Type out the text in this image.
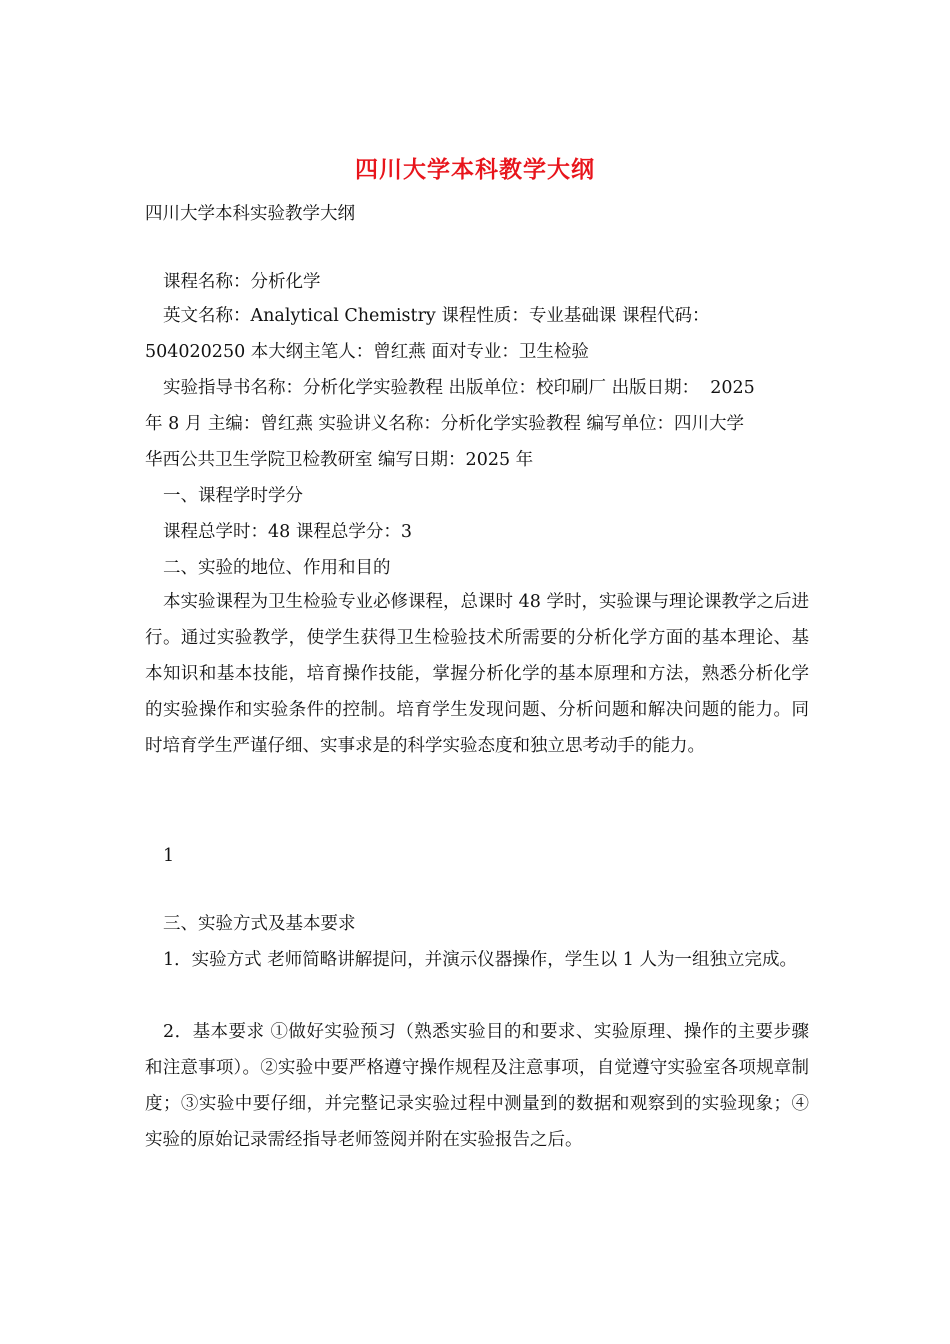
四川大学本科教学大纲
四川大学本科实验教学大纲
课程名称：分析化学
英文名称：Analytical Chemistry 课程性质：专业基础课 课程代码：
504020250 本大纲主笔人：曾红燕 面对专业：卫生检验
实验指导书名称：分析化学实验教程 出版单位：校印刷厂 出版日期：  2025
年 8 月 主编：曾红燕 实验讲义名称：分析化学实验教程 编写单位：四川大学
华西公共卫生学院卫检教研室 编写日期：2025 年
一、课程学时学分
课程总学时：48 课程总学分：3
二、实验的地位、作用和目的
本实验课程为卫生检验专业必修课程，总课时 48 学时，实验课与理论课教学之后进行。通过实验教学，使学生获得卫生检验技术所需要的分析化学方面的基本理论、基本知识和基本技能，培育操作技能，掌握分析化学的基本原理和方法，熟悉分析化学的实验操作和实验条件的控制。培育学生发现问题、分析问题和解决问题的能力。同时培育学生严谨仔细、实事求是的科学实验态度和独立思考动手的能力。
1
三、实验方式及基本要求
1．实验方式 老师简略讲解提问，并演示仪器操作，学生以 1 人为一组独立完成。
2．基本要求 ①做好实验预习（熟悉实验目的和要求、实验原理、操作的主要步骤和注意事项）。②实验中要严格遵守操作规程及注意事项，自觉遵守实验室各项规章制度；③实验中要仔细，并完整记录实验过程中测量到的数据和观察到的实验现象；④实验的原始记录需经指导老师签阅并附在实验报告之后。
